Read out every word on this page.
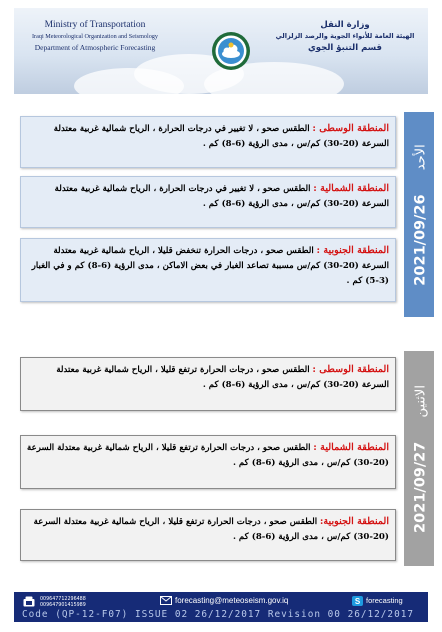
Ministry of Transportation
Iraqi Meteorological Organization and Seismology
Department of Atmospheric Forecasting
وزارة النقل
الهيئة العامة للأنواء الجوية والرصد الزلزالي
قسم التنبؤ الجوي
المنطقة الوسطى : الطقس صحو ، لا تغيير في درجات الحرارة ، الرياح شمالية غربية معتدلة السرعة (20-30) كم/س ، مدى الرؤية (6-8) كم .
المنطقة الشمالية : الطقس صحو ، لا تغيير في درجات الحرارة ، الرياح شمالية غربية معتدلة السرعة (20-30) كم/س ، مدى الرؤية (6-8) كم .
المنطقة الجنوبية : الطقس صحو ، درجات الحرارة تنخفض قليلا ، الرياح شمالية غربية معتدلة السرعة (20-30) كم/س مسببة تصاعد الغبار في بعض الاماكن ، مدى الرؤية (6-8) كم و في الغبار (3-5) كم .	2021/09/26  الأحد
المنطقة الوسطى : الطقس صحو ، درجات الحرارة ترتفع قليلا ، الرياح شمالية غربية معتدلة السرعة (20-30) كم/س ، مدى الرؤية (6-8) كم .
المنطقة الشمالية : الطقس صحو ، درجات الحرارة ترتفع قليلا ، الرياح شمالية غربية معتدلة السرعة (20-30) كم/س ، مدى الرؤية (6-8) كم .
المنطقة الجنوبية: الطقس صحو ، درجات الحرارة ترتفع قليلا ، الرياح شمالية غربية معتدلة السرعة (20-30) كم/س ، مدى الرؤية (6-8) كم .
2021/09/27  الاثنين
009647712296488
009647901415989
forecasting@meteoseism.gov.iq	S forecasting
Code (QP-12-F07) ISSUE 02 26/12/2017 Revision 00 26/12/2017
